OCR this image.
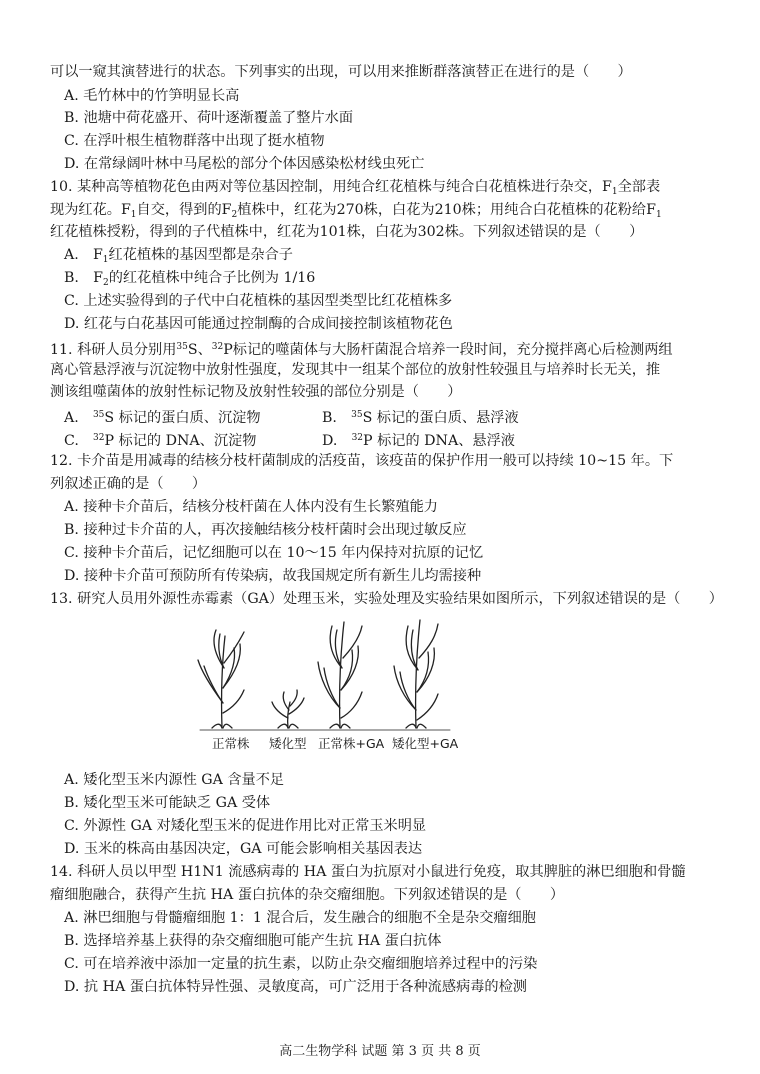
可以一窥其演替进行的状态。下列事实的出现，可以用来推断群落演替正在进行的是（　　）
A. 毛竹林中的竹笋明显长高
B. 池塘中荷花盛开、荷叶逐渐覆盖了整片水面
C. 在浮叶根生植物群落中出现了挺水植物
D. 在常绿阔叶林中马尾松的部分个体因感染松材线虫死亡
10. 某种高等植物花色由两对等位基因控制，用纯合红花植株与纯合白花植株进行杂交，$F_1$全部表
现为红花。$F_1$自交，得到的$F_2$植株中，红花为270株，白花为210株；用纯合白花植株的花粉给$F_1$
红花植株授粉，得到的子代植株中，红花为101株，白花为302株。下列叙述错误的是（　　）
A.　$F_1$红花植株的基因型都是杂合子
B.　$F_2$的红花植株中纯合子比例为 1/16
C. 上述实验得到的子代中白花植株的基因型类型比红花植株多
D. 红花与白花基因可能通过控制酶的合成间接控制该植物花色
11. 科研人员分别用$^{35}$S、$^{32}$P标记的噬菌体与大肠杆菌混合培养一段时间，充分搅拌离心后检测两组
离心管悬浮液与沉淀物中放射性强度，发现其中一组某个部位的放射性较强且与培养时长无关，推
测该组噬菌体的放射性标记物及放射性较强的部位分别是（　　）
A.　$^{35}$S 标记的蛋白质、沉淀物	B.　$^{35}$S 标记的蛋白质、悬浮液
C.　$^{32}$P 标记的 DNA、沉淀物	D.　$^{32}$P 标记的 DNA、悬浮液
12. 卡介苗是用减毒的结核分枝杆菌制成的活疫苗，该疫苗的保护作用一般可以持续 10~15 年。下
列叙述正确的是（　　）
A. 接种卡介苗后，结核分枝杆菌在人体内没有生长繁殖能力
B. 接种过卡介苗的人，再次接触结核分枝杆菌时会出现过敏反应
C. 接种卡介苗后，记忆细胞可以在 10～15 年内保持对抗原的记忆
D. 接种卡介苗可预防所有传染病，故我国规定所有新生儿均需接种
13. 研究人员用外源性赤霉素（GA）处理玉米，实验处理及实验结果如图所示，下列叙述错误的是（　　）
正常株 矮化型 正常株+GA 矮化型+GA
A. 矮化型玉米内源性 GA 含量不足
B. 矮化型玉米可能缺乏 GA 受体
C. 外源性 GA 对矮化型玉米的促进作用比对正常玉米明显
D. 玉米的株高由基因决定，GA 可能会影响相关基因表达
14. 科研人员以甲型 H1N1 流感病毒的 HA 蛋白为抗原对小鼠进行免疫，取其脾脏的淋巴细胞和骨髓
瘤细胞融合，获得产生抗 HA 蛋白抗体的杂交瘤细胞。下列叙述错误的是（　　）
A. 淋巴细胞与骨髓瘤细胞 1：1 混合后，发生融合的细胞不全是杂交瘤细胞
B. 选择培养基上获得的杂交瘤细胞可能产生抗 HA 蛋白抗体
C. 可在培养液中添加一定量的抗生素，以防止杂交瘤细胞培养过程中的污染
D. 抗 HA 蛋白抗体特异性强、灵敏度高，可广泛用于各种流感病毒的检测
高二生物学科 试题 第 3 页 共 8 页
